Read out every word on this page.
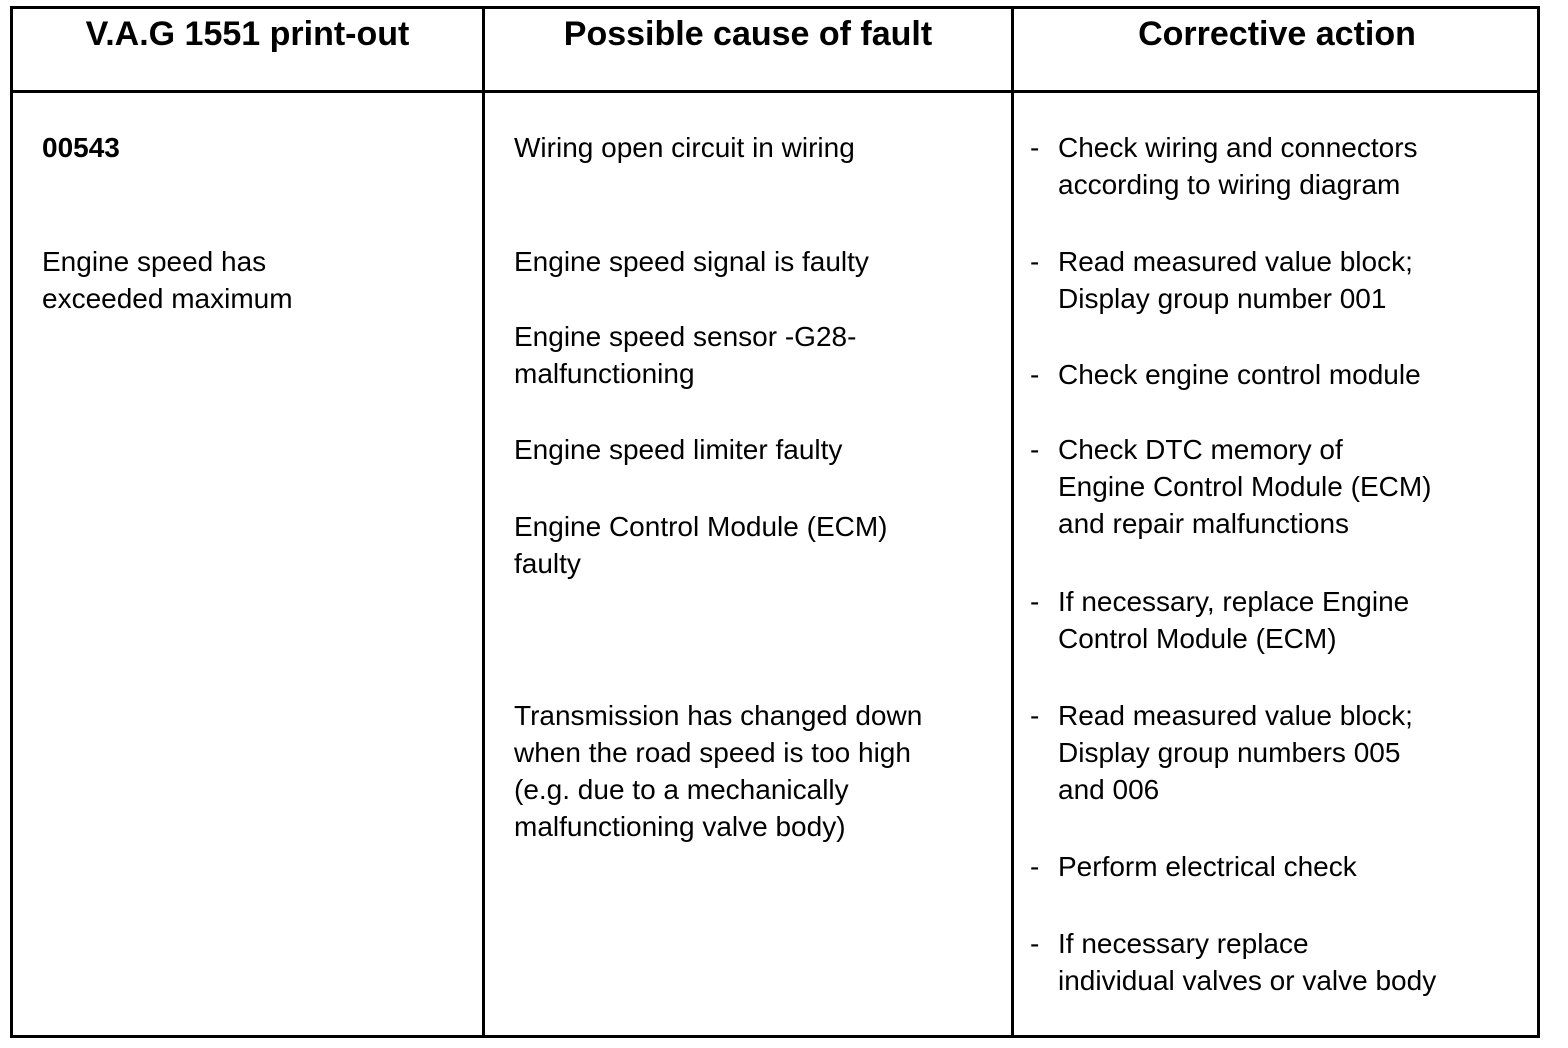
V.A.G 1551 print-out	Possible cause of fault	Corrective action
00543
Engine speed has
exceeded maximum
Wiring open circuit in wiring
Engine speed signal is faulty
Engine speed sensor -G28-
malfunctioning
Engine speed limiter faulty
Engine Control Module (ECM)
faulty
Transmission has changed down
when the road speed is too high
(e.g. due to a mechanically
malfunctioning valve body)
- Check wiring and connectors
according to wiring diagram
- Read measured value block;
Display group number 001
- Check engine control module
- Check DTC memory of
Engine Control Module (ECM)
and repair malfunctions
- If necessary, replace Engine
Control Module (ECM)
- Read measured value block;
Display group numbers 005
and 006
- Perform electrical check
- If necessary replace
individual valves or valve body
